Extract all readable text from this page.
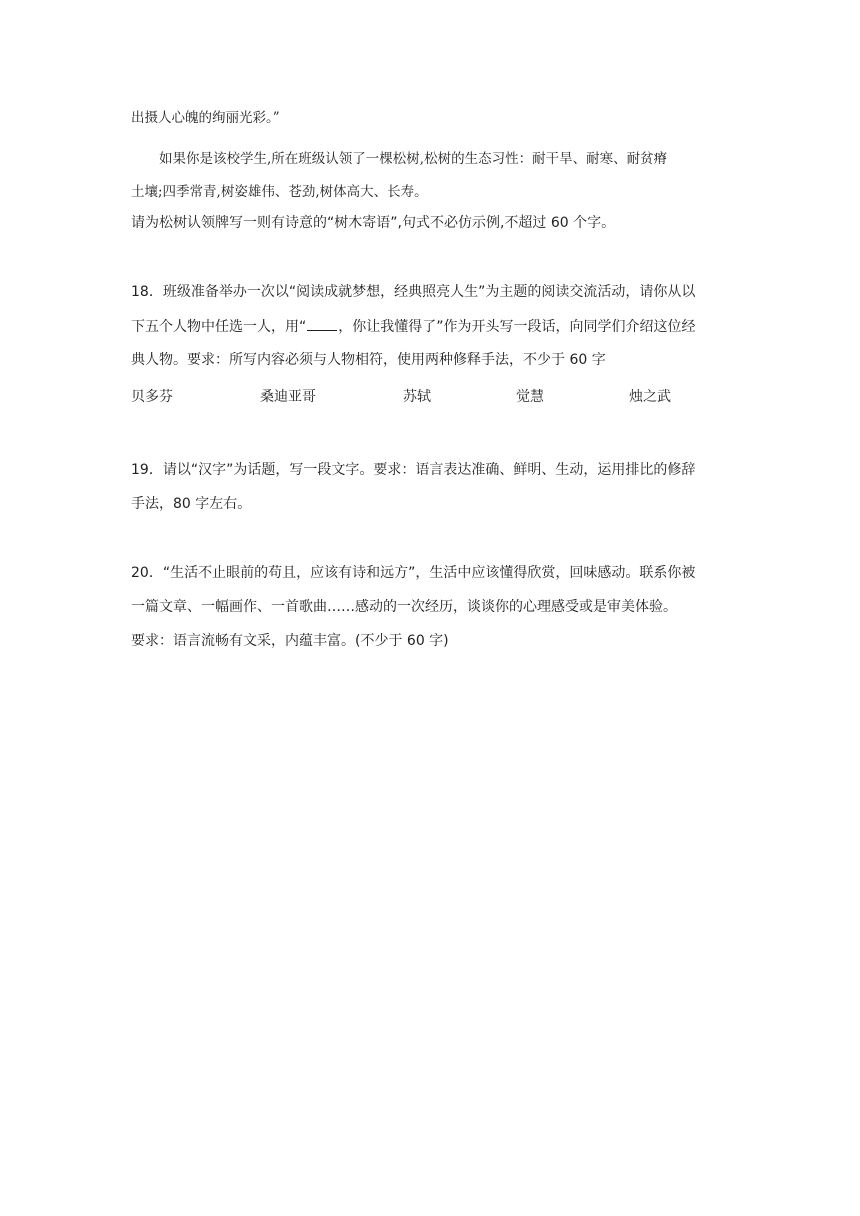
出摄人心魄的绚丽光彩。”
如果你是该校学生,所在班级认领了一棵松树,松树的生态习性：耐干旱、耐寒、耐贫瘠
土壤;四季常青,树姿雄伟、苍劲,树体高大、长寿。
请为松树认领牌写一则有诗意的“树木寄语”,句式不必仿示例,不超过 60 个字。
18．班级准备举办一次以“阅读成就梦想，经典照亮人生”为主题的阅读交流活动，请你从以
下五个人物中任选一人，用“ ，你让我懂得了”作为开头写一段话，向同学们介绍这位经
典人物。要求：所写内容必须与人物相符，使用两种修释手法，不少于 60 字
贝多芬	桑迪亚哥	苏轼	觉慧	烛之武
19．请以“汉字”为话题，写一段文字。要求：语言表达准确、鲜明、生动，运用排比的修辞
手法，80 字左右。
20．“生活不止眼前的苟且，应该有诗和远方”，生活中应该懂得欣赏，回味感动。联系你被
一篇文章、一幅画作、一首歌曲……感动的一次经历，谈谈你的心理感受或是审美体验。
要求：语言流畅有文采，内蕴丰富。(不少于 60 字)
